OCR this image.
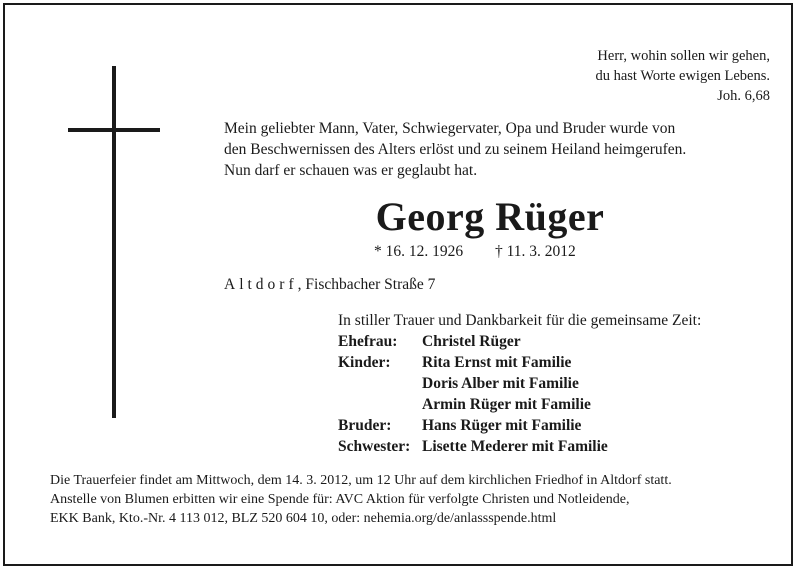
Herr, wohin sollen wir gehen,
du hast Worte ewigen Lebens.
Joh. 6,68
Mein geliebter Mann, Vater, Schwiegervater, Opa und Bruder wurde von
den Beschwernissen des Alters erlöst und zu seinem Heiland heimgerufen.
Nun darf er schauen was er geglaubt hat.
Georg Rüger
* 16. 12. 1926 † 11. 3. 2012
Altdorf, Fischbacher Straße 7
In stiller Trauer und Dankbarkeit für die gemeinsame Zeit:
Ehefrau:	Christel Rüger
Kinder:	Rita Ernst mit Familie
Doris Alber mit Familie
Armin Rüger mit Familie
Bruder:	Hans Rüger mit Familie
Schwester: Lisette Mederer mit Familie
Die Trauerfeier findet am Mittwoch, dem 14. 3. 2012, um 12 Uhr auf dem kirchlichen Friedhof in Altdorf statt.
Anstelle von Blumen erbitten wir eine Spende für: AVC Aktion für verfolgte Christen und Notleidende,
EKK Bank, Kto.-Nr. 4 113 012, BLZ 520 604 10, oder: nehemia.org/de/anlassspende.html
